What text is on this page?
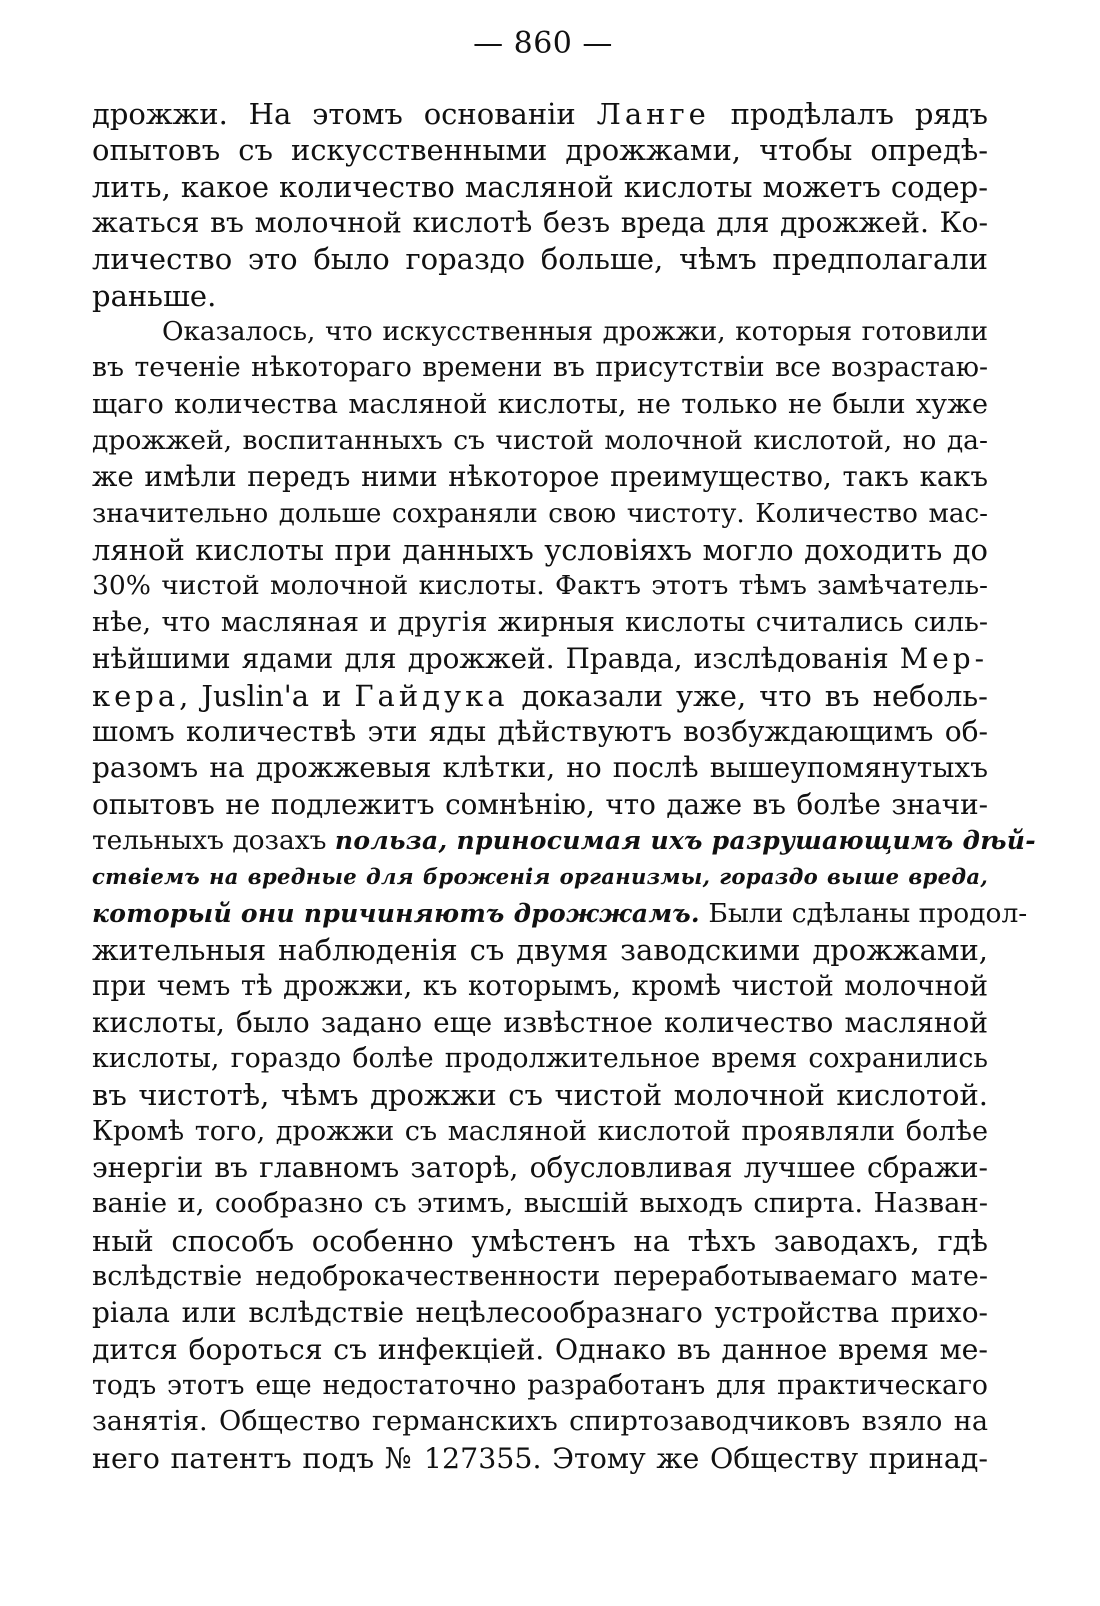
— 860 —
дрожжи. На этомъ основанiи Ланге продѣлалъ рядъ
опытовъ съ искусственными дрожжами, чтобы опредѣ-
лить, какое количество масляной кислоты можетъ содер-
жаться въ молочной кислотѣ безъ вреда для дрожжей. Ко-
личество это было гораздо больше, чѣмъ предполагали
раньше.
Оказалось, что искусственныя дрожжи, которыя готовили
въ теченiе нѣкотораго времени въ присутствiи все возрастаю-
щаго количества масляной кислоты, не только не были хуже
дрожжей, воспитанныхъ съ чистой молочной кислотой, но да-
же имѣли передъ ними нѣкоторое преимущество, такъ какъ
значительно дольше сохраняли свою чистоту. Количество мас-
ляной кислоты при данныхъ условiяхъ могло доходить до
30% чистой молочной кислоты. Фактъ этотъ тѣмъ замѣчатель-
нѣе, что масляная и другiя жирныя кислоты считались силь-
нѣйшими ядами для дрожжей. Правда, изслѣдованiя Мер-
кера, Juslin'a и Гайдука доказали уже, что въ неболь-
шомъ количествѣ эти яды дѣйствуютъ возбуждающимъ об-
разомъ на дрожжевыя клѣтки, но послѣ вышеупомянутыхъ
опытовъ не подлежитъ сомнѣнiю, что даже въ болѣе значи-
тельныхъ дозахъ польза, приносимая ихъ разрушающимъ дѣй-
ствiемъ на вредные для броженiя организмы, гораздо выше вреда,
который они причиняютъ дрожжамъ. Были сдѣланы продол-
жительныя наблюденiя съ двумя заводскими дрожжами,
при чемъ тѣ дрожжи, къ которымъ, кромѣ чистой молочной
кислоты, было задано еще извѣстное количество масляной
кислоты, гораздо болѣе продолжительное время сохранились
въ чистотѣ, чѣмъ дрожжи съ чистой молочной кислотой.
Кромѣ того, дрожжи съ масляной кислотой проявляли болѣе
энергiи въ главномъ заторѣ, обусловливая лучшее сбражи-
ванiе и, сообразно съ этимъ, высшiй выходъ спирта. Назван-
ный способъ особенно умѣстенъ на тѣхъ заводахъ, гдѣ
вслѣдствiе недоброкачественности переработываемаго мате-
рiала или вслѣдствiе нецѣлесообразнаго устройства прихо-
дится бороться съ инфекцiей. Однако въ данное время ме-
тодъ этотъ еще недостаточно разработанъ для практическаго
занятiя. Общество германскихъ спиртозаводчиковъ взяло на
него патентъ подъ № 127355. Этому же Обществу принад-
